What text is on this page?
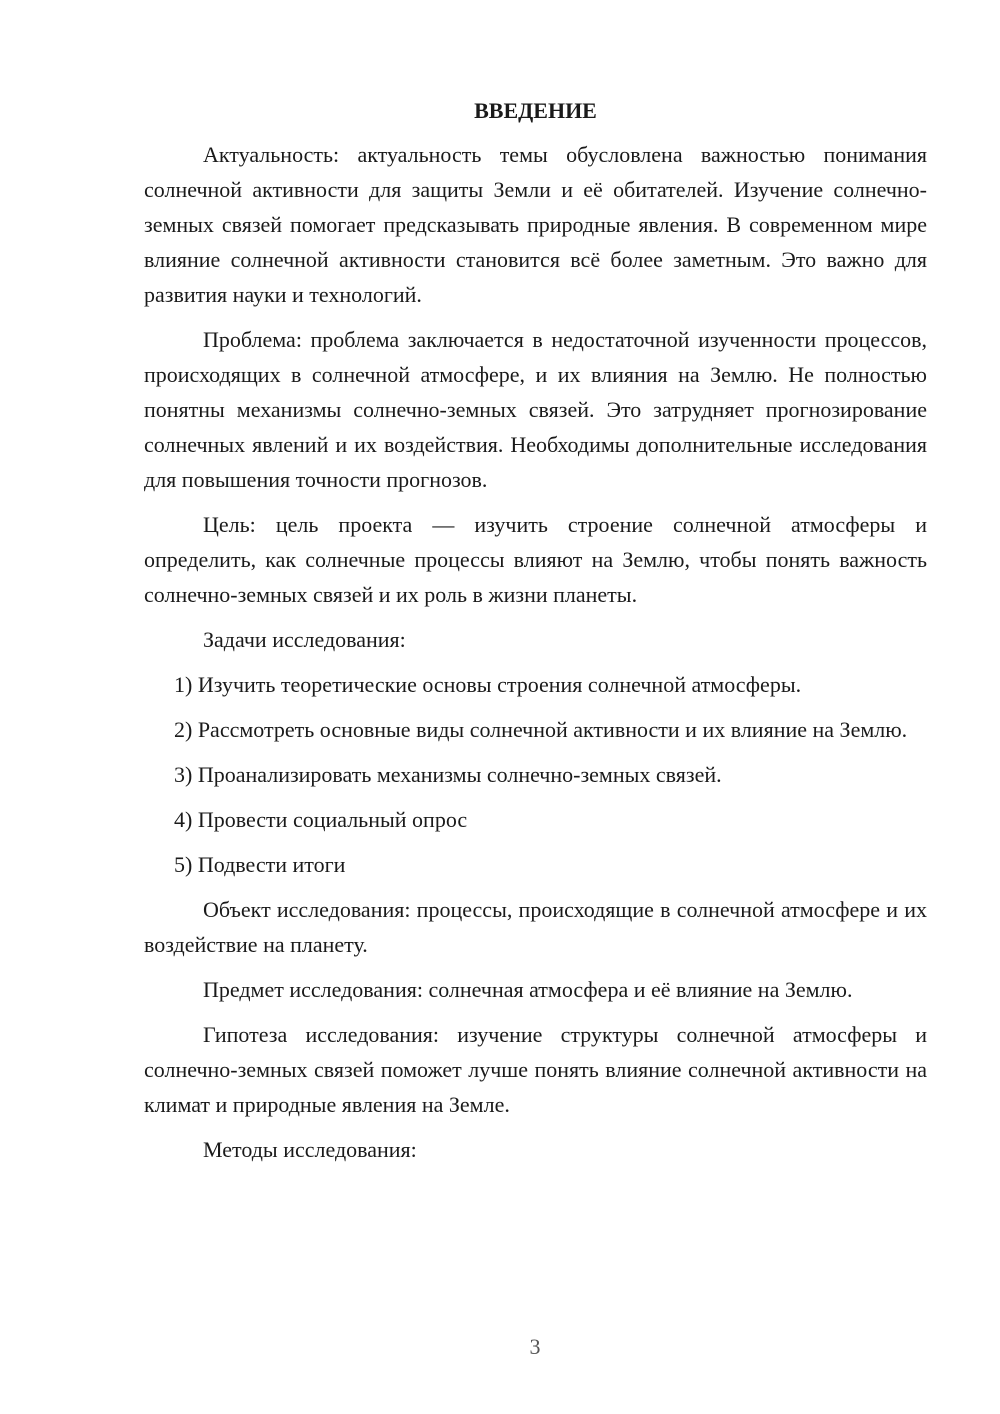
ВВЕДЕНИЕ

Актуальность: актуальность темы обусловлена важностью понимания солнечной активности для защиты Земли и её обитателей. Изучение солнечно-земных связей помогает предсказывать природные явления. В современном мире влияние солнечной активности становится всё более заметным. Это важно для развития науки и технологий.

Проблема: проблема заключается в недостаточной изученности процессов, происходящих в солнечной атмосфере, и их влияния на Землю. Не полностью понятны механизмы солнечно-земных связей. Это затрудняет прогнозирование солнечных явлений и их воздействия. Необходимы дополнительные исследования для повышения точности прогнозов.

Цель: цель проекта — изучить строение солнечной атмосферы и определить, как солнечные процессы влияют на Землю, чтобы понять важность солнечно-земных связей и их роль в жизни планеты.

Задачи исследования:

1) Изучить теоретические основы строения солнечной атмосферы.

2) Рассмотреть основные виды солнечной активности и их влияние на Землю.

3) Проанализировать механизмы солнечно-земных связей.

4) Провести социальный опрос

5) Подвести итоги

Объект исследования: процессы, происходящие в солнечной атмосфере и их воздействие на планету.

Предмет исследования: солнечная атмосфера и её влияние на Землю.

Гипотеза исследования: изучение структуры солнечной атмосферы и солнечно-земных связей поможет лучше понять влияние солнечной активности на климат и природные явления на Земле.

Методы исследования:

3
